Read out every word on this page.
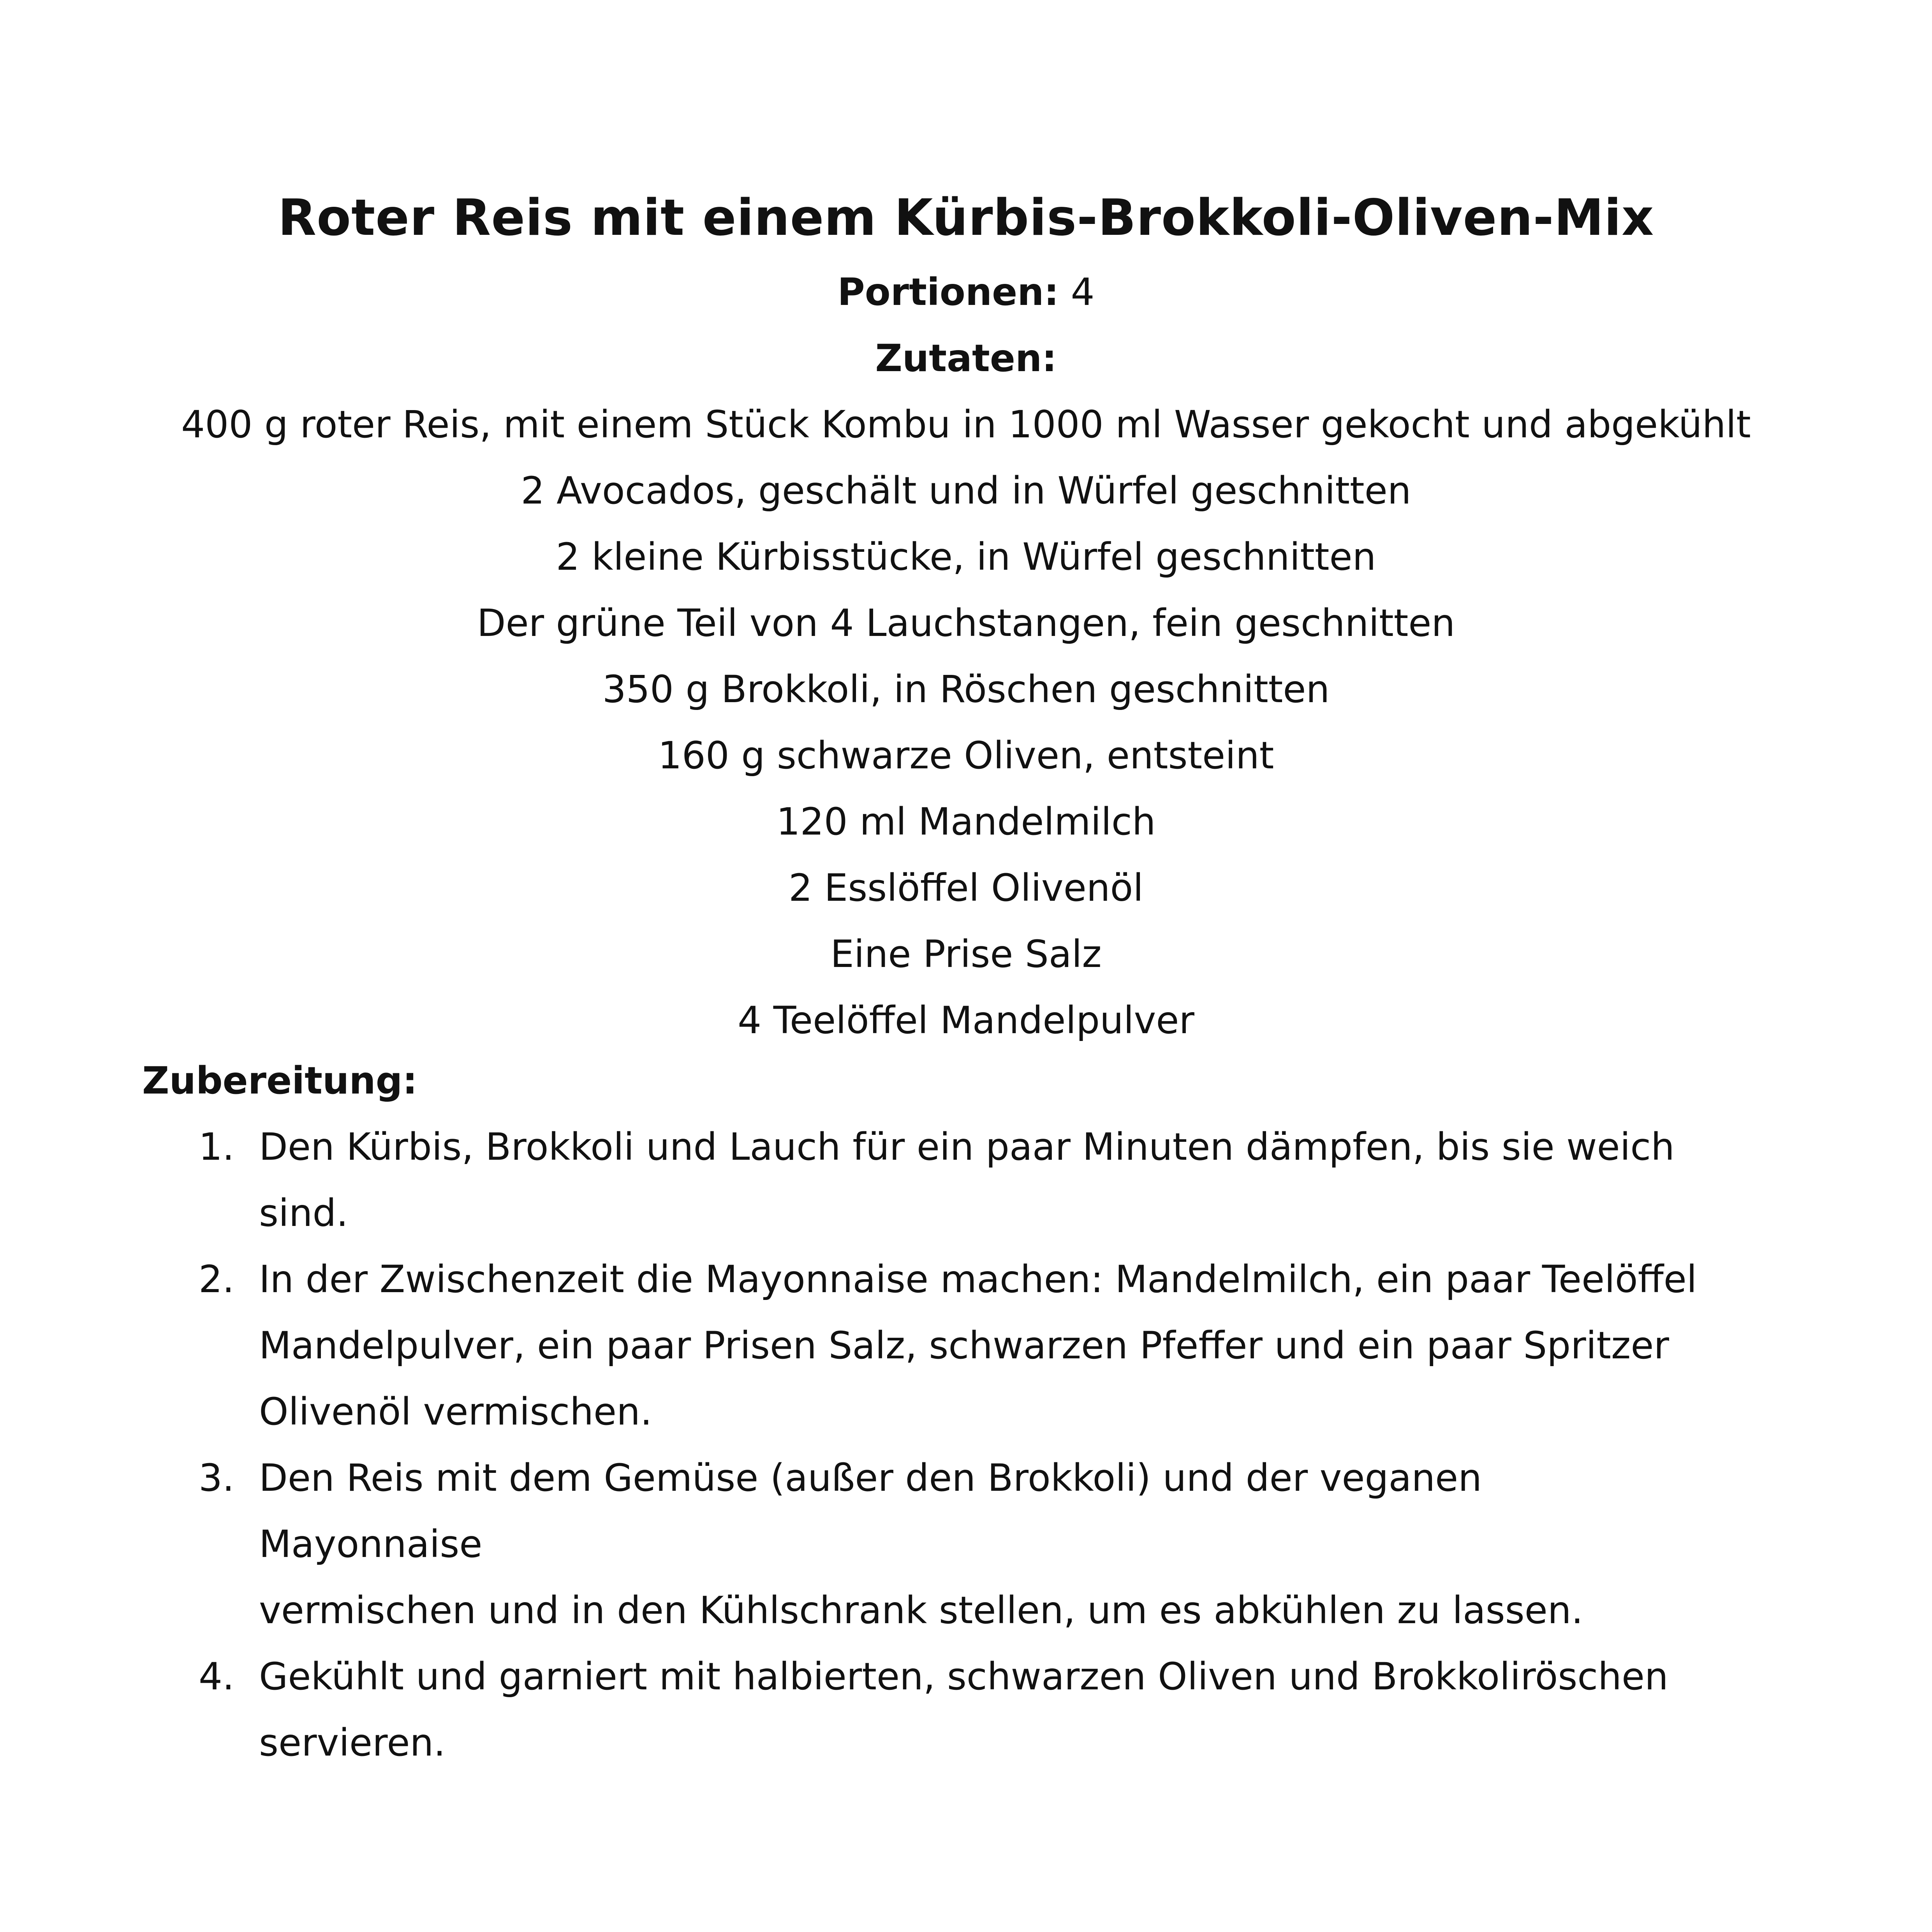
Roter Reis mit einem Kürbis-Brokkoli-Oliven-Mix
Portionen: 4
Zutaten:
400 g roter Reis, mit einem Stück Kombu in 1000 ml Wasser gekocht und abgekühlt
2 Avocados, geschält und in Würfel geschnitten
2 kleine Kürbisstücke, in Würfel geschnitten
Der grüne Teil von 4 Lauchstangen, fein geschnitten
350 g Brokkoli, in Röschen geschnitten
160 g schwarze Oliven, entsteint
120 ml Mandelmilch
2 Esslöffel Olivenöl
Eine Prise Salz
4 Teelöffel Mandelpulver
Zubereitung:
1. Den Kürbis, Brokkoli und Lauch für ein paar Minuten dämpfen, bis sie weich
sind.
2. In der Zwischenzeit die Mayonnaise machen: Mandelmilch, ein paar Teelöffel
Mandelpulver, ein paar Prisen Salz, schwarzen Pfeffer und ein paar Spritzer
Olivenöl vermischen.
3. Den Reis mit dem Gemüse (außer den Brokkoli) und der veganen Mayonnaise
vermischen und in den Kühlschrank stellen, um es abkühlen zu lassen.
4. Gekühlt und garniert mit halbierten, schwarzen Oliven und Brokkoliröschen
servieren.
